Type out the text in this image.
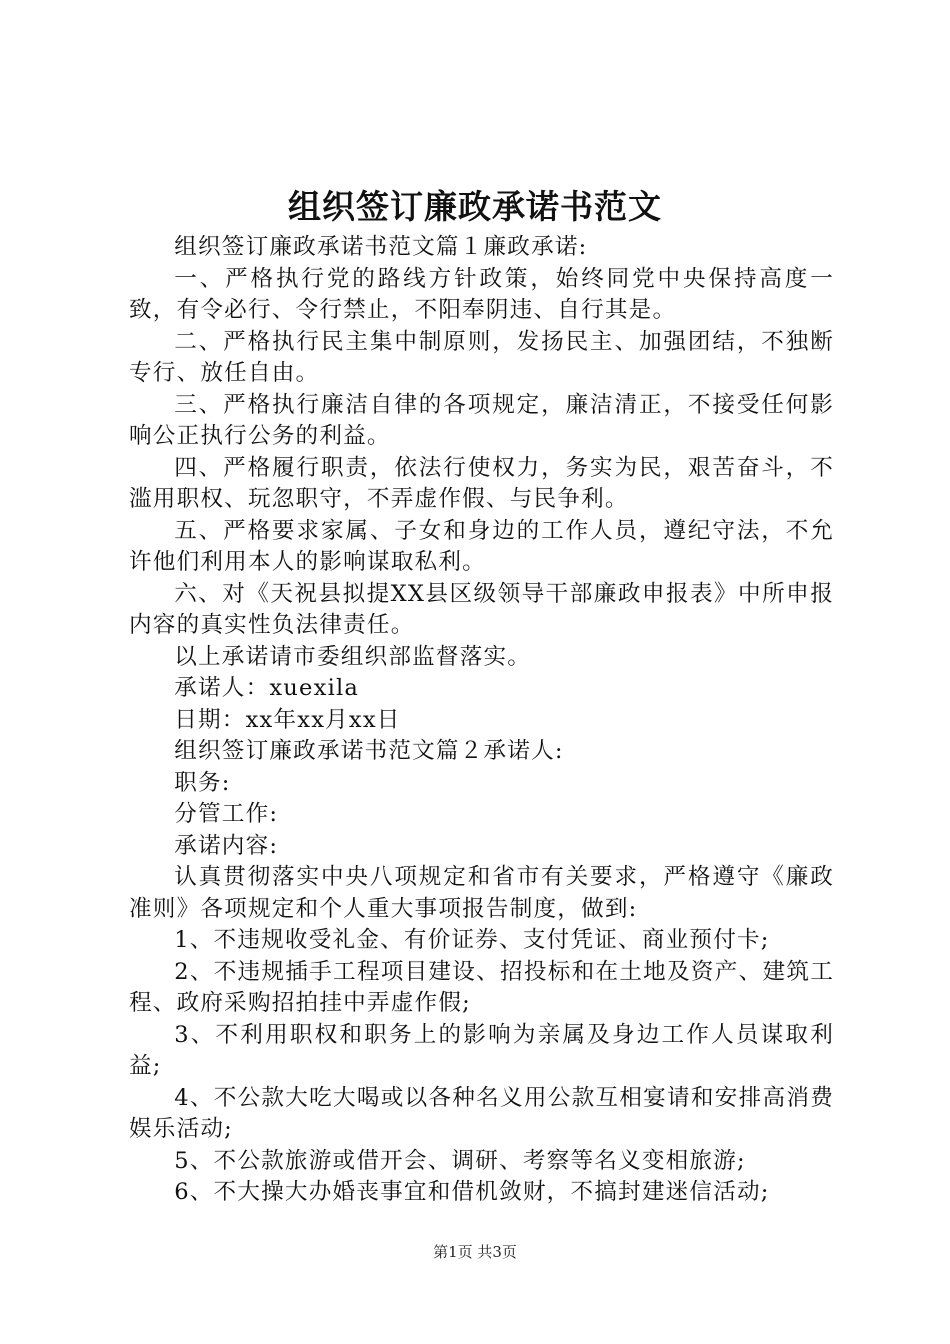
组织签订廉政承诺书范文

组织签订廉政承诺书范文篇１廉政承诺:

一、严格执行党的路线方针政策，始终同党中央保持高度一致，有令必行、令行禁止，不阳奉阴违、自行其是。

二、严格执行民主集中制原则，发扬民主、加强团结，不独断专行、放任自由。

三、严格执行廉洁自律的各项规定，廉洁清正，不接受任何影响公正执行公务的利益。

四、严格履行职责，依法行使权力，务实为民，艰苦奋斗，不滥用职权、玩忽职守，不弄虚作假、与民争利。

五、严格要求家属、子女和身边的工作人员，遵纪守法，不允许他们利用本人的影响谋取私利。

六、对《天祝县拟提XX县区级领导干部廉政申报表》中所申报内容的真实性负法律责任。

以上承诺请市委组织部监督落实。

承诺人：xuexila

日期：xx年xx月xx日

组织签订廉政承诺书范文篇２承诺人:

职务:

分管工作:

承诺内容:

认真贯彻落实中央八项规定和省市有关要求，严格遵守《廉政准则》各项规定和个人重大事项报告制度，做到:

1、不违规收受礼金、有价证券、支付凭证、商业预付卡;

2、不违规插手工程项目建设、招投标和在土地及资产、建筑工程、政府采购招拍挂中弄虚作假;

3、不利用职权和职务上的影响为亲属及身边工作人员谋取利益;

4、不公款大吃大喝或以各种名义用公款互相宴请和安排高消费娱乐活动;

5、不公款旅游或借开会、调研、考察等名义变相旅游;

6、不大操大办婚丧事宜和借机敛财，不搞封建迷信活动;

第1页 共3页
